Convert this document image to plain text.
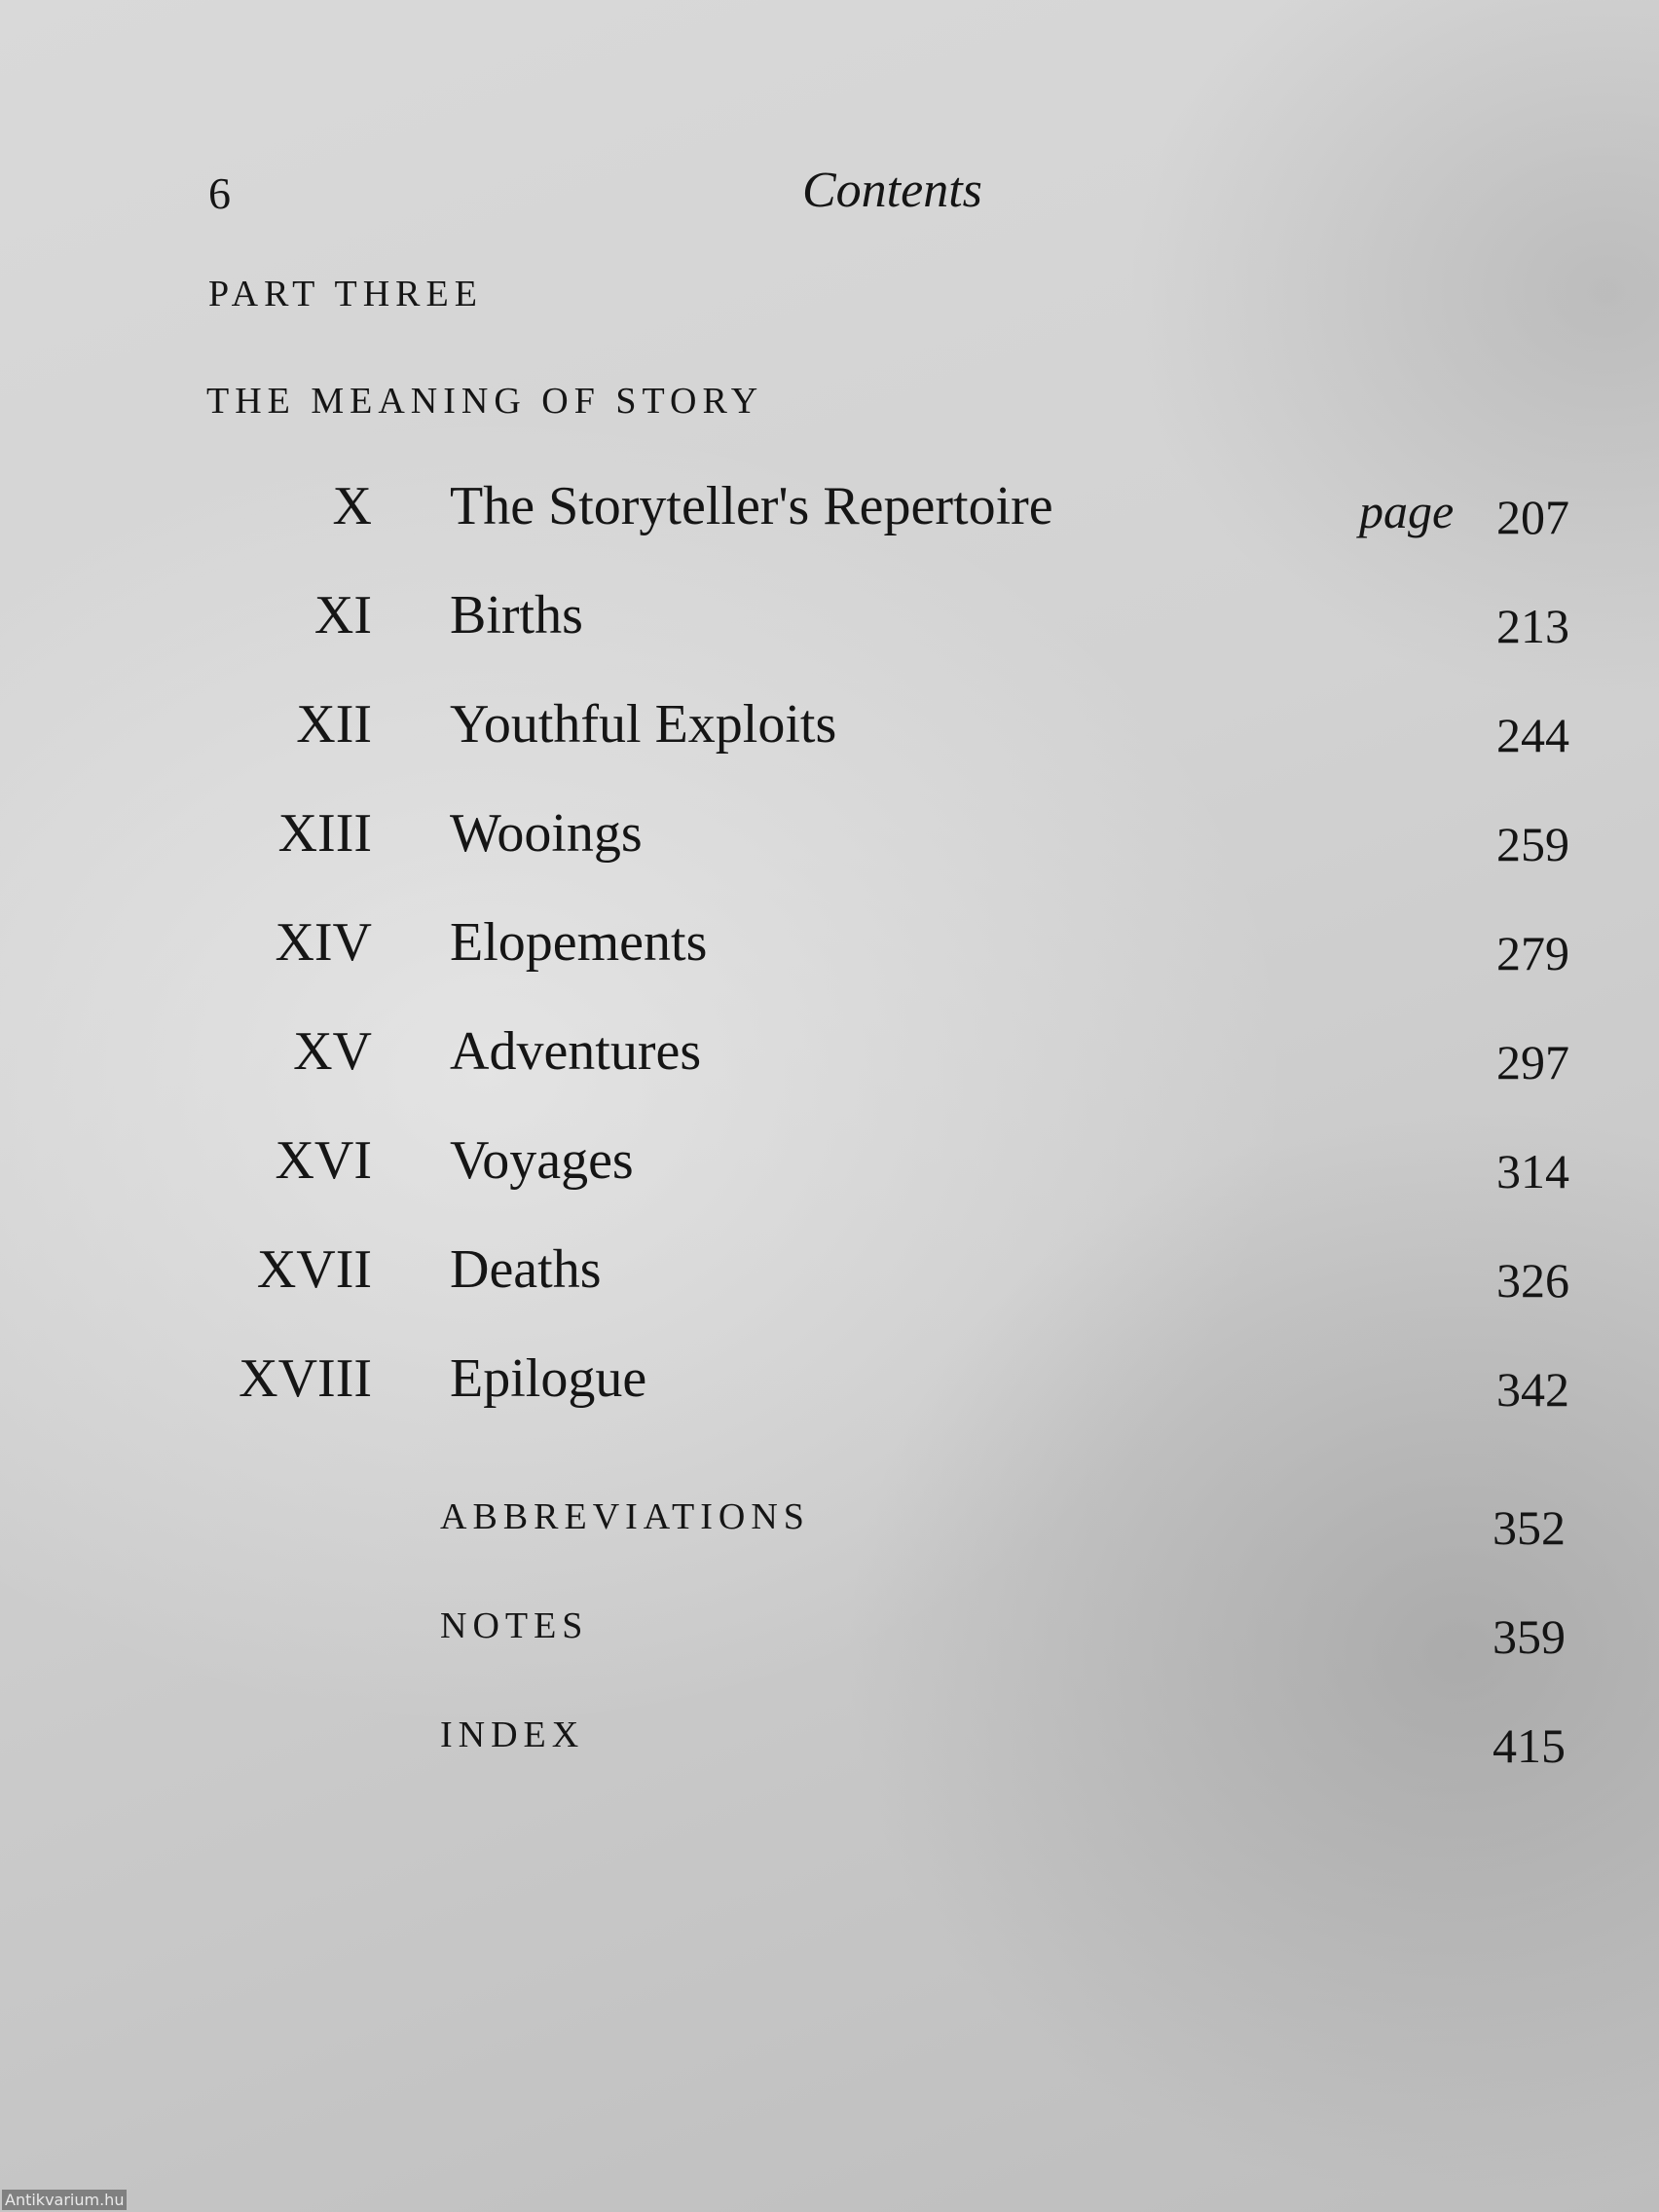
6	Contents
PART THREE
THE MEANING OF STORY
X The Storyteller's Repertoire	page 207
XI Births	213
XII Youthful Exploits	244
XIII Wooings	259
XIV Elopements	279
XV Adventures	297
XVI Voyages	314
XVII Deaths	326
XVIII Epilogue	342
ABBREVIATIONS	352
NOTES	359
INDEX	415
Antikvarium.hu
